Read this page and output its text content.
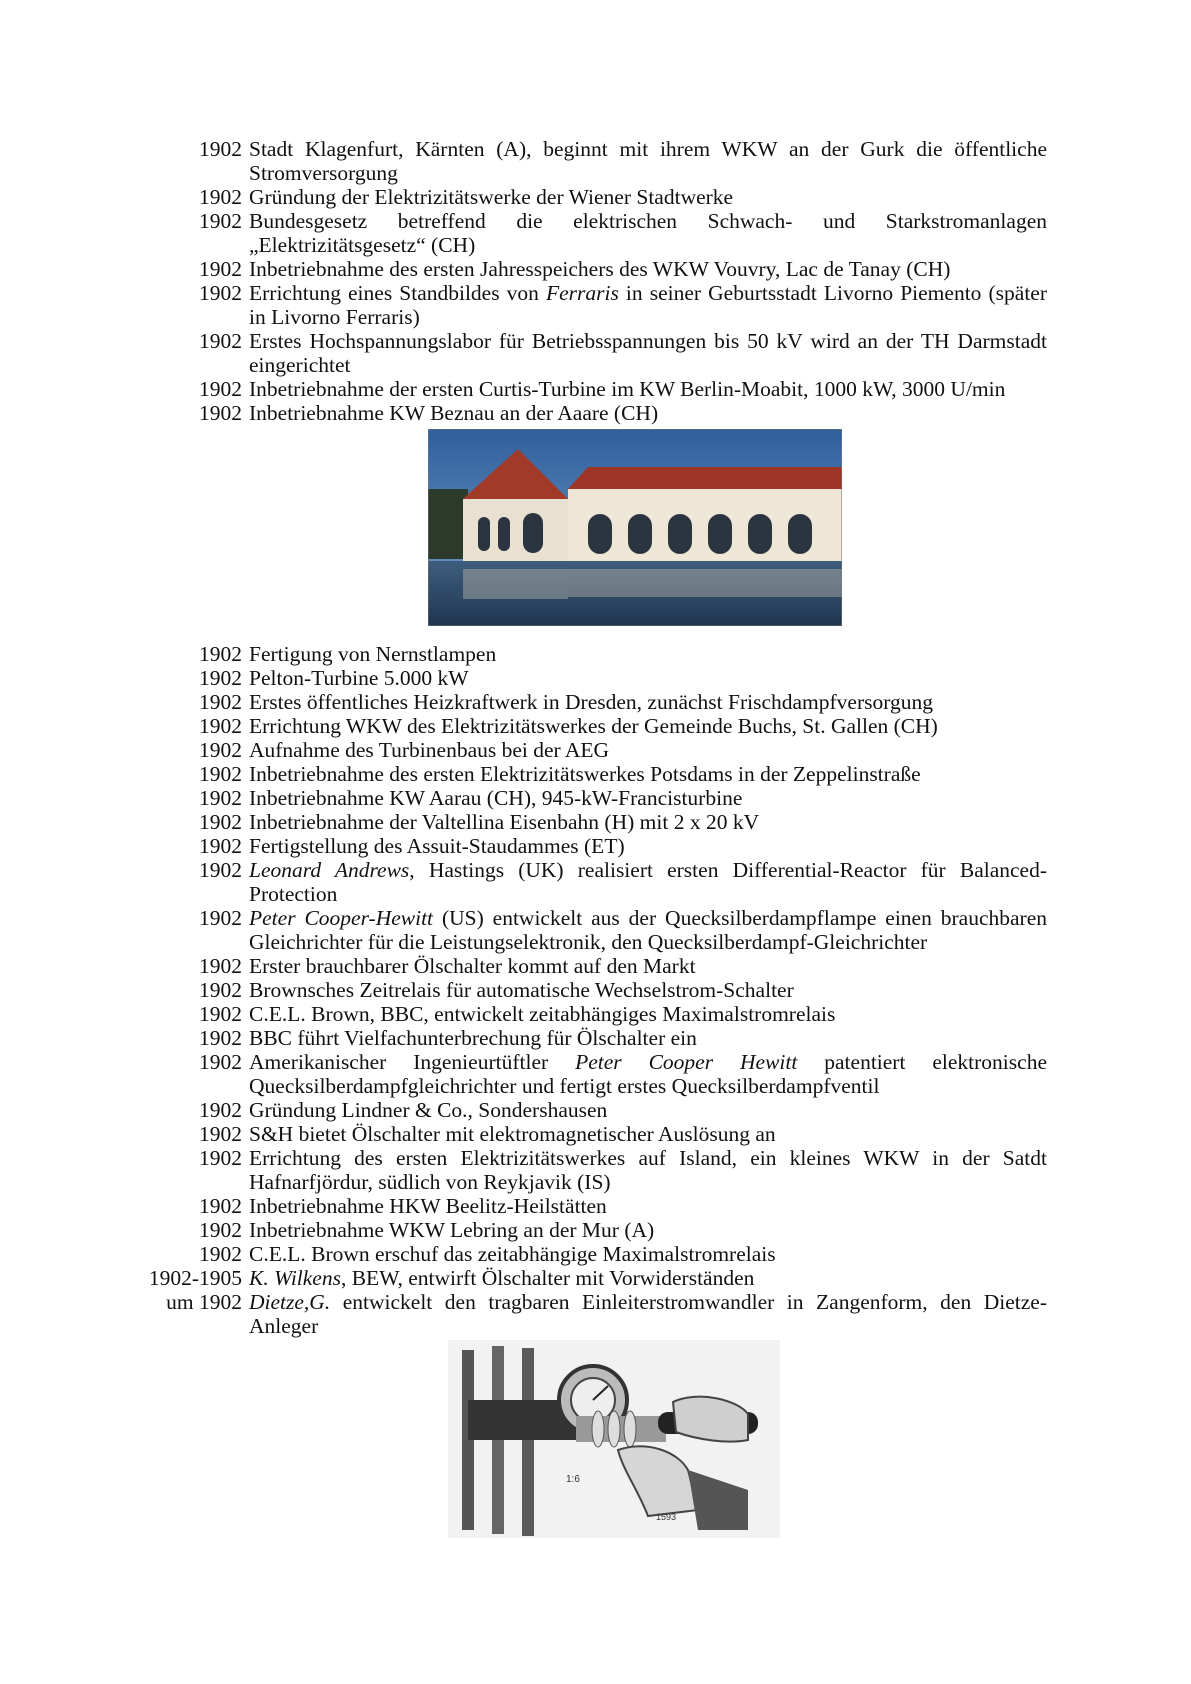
1902 Stadt Klagenfurt, Kärnten (A), beginnt mit ihrem WKW an der Gurk die öffentliche Stromversorgung
1902 Gründung der Elektrizitätswerke der Wiener Stadtwerke
1902 Bundesgesetz betreffend die elektrischen Schwach- und Starkstromanlagen „Elektrizitätsgesetz“ (CH)
1902 Inbetriebnahme des ersten Jahresspeichers des WKW Vouvry, Lac de Tanay (CH)
1902 Errichtung eines Standbildes von Ferraris in seiner Geburtsstadt Livorno Piemento (später in Livorno Ferraris)
1902 Erstes Hochspannungslabor für Betriebsspannungen bis 50 kV wird an der TH Darmstadt eingerichtet
1902 Inbetriebnahme der ersten Curtis-Turbine im KW Berlin-Moabit, 1000 kW, 3000 U/min
1902 Inbetriebnahme KW Beznau an der Aaare (CH)
1902 Fertigung von Nernstlampen
1902 Pelton-Turbine 5.000 kW
1902 Erstes öffentliches Heizkraftwerk in Dresden, zunächst Frischdampfversorgung
1902 Errichtung WKW des Elektrizitätswerkes der Gemeinde Buchs, St. Gallen (CH)
1902 Aufnahme des Turbinenbaus bei der AEG
1902 Inbetriebnahme des ersten Elektrizitätswerkes Potsdams in der Zeppelinstraße
1902 Inbetriebnahme KW Aarau (CH), 945-kW-Francisturbine
1902 Inbetriebnahme der Valtellina Eisenbahn (H) mit 2 x 20 kV
1902 Fertigstellung des Assuit-Staudammes (ET)
1902 Leonard Andrews, Hastings (UK) realisiert ersten Differential-Reactor für Balanced-Protection
1902 Peter Cooper-Hewitt (US) entwickelt aus der Quecksilberdampflampe einen brauchbaren Gleichrichter für die Leistungselektronik, den Quecksilberdampf-Gleichrichter
1902 Erster brauchbarer Ölschalter kommt auf den Markt
1902 Brownsches Zeitrelais für automatische Wechselstrom-Schalter
1902 C.E.L. Brown, BBC, entwickelt zeitabhängiges Maximalstromrelais
1902 BBC führt Vielfachunterbrechung für Ölschalter ein
1902 Amerikanischer Ingenieurtüftler Peter Cooper Hewitt patentiert elektronische Quecksilberdampfgleichrichter und fertigt erstes Quecksilberdampfventil
1902 Gründung Lindner & Co., Sondershausen
1902 S&H bietet Ölschalter mit elektromagnetischer Auslösung an
1902 Errichtung des ersten Elektrizitätswerkes auf Island, ein kleines WKW in der Satdt Hafnarfjördur, südlich von Reykjavik (IS)
1902 Inbetriebnahme HKW Beelitz-Heilstätten
1902 Inbetriebnahme WKW Lebring an der Mur (A)
1902 C.E.L. Brown erschuf das zeitabhängige Maximalstromrelais
1902-1905 K. Wilkens, BEW, entwirft Ölschalter mit Vorwiderständen
um 1902 Dietze,G. entwickelt den tragbaren Einleiterstromwandler in Zangenform, den Dietze-Anleger
1:6
1593
